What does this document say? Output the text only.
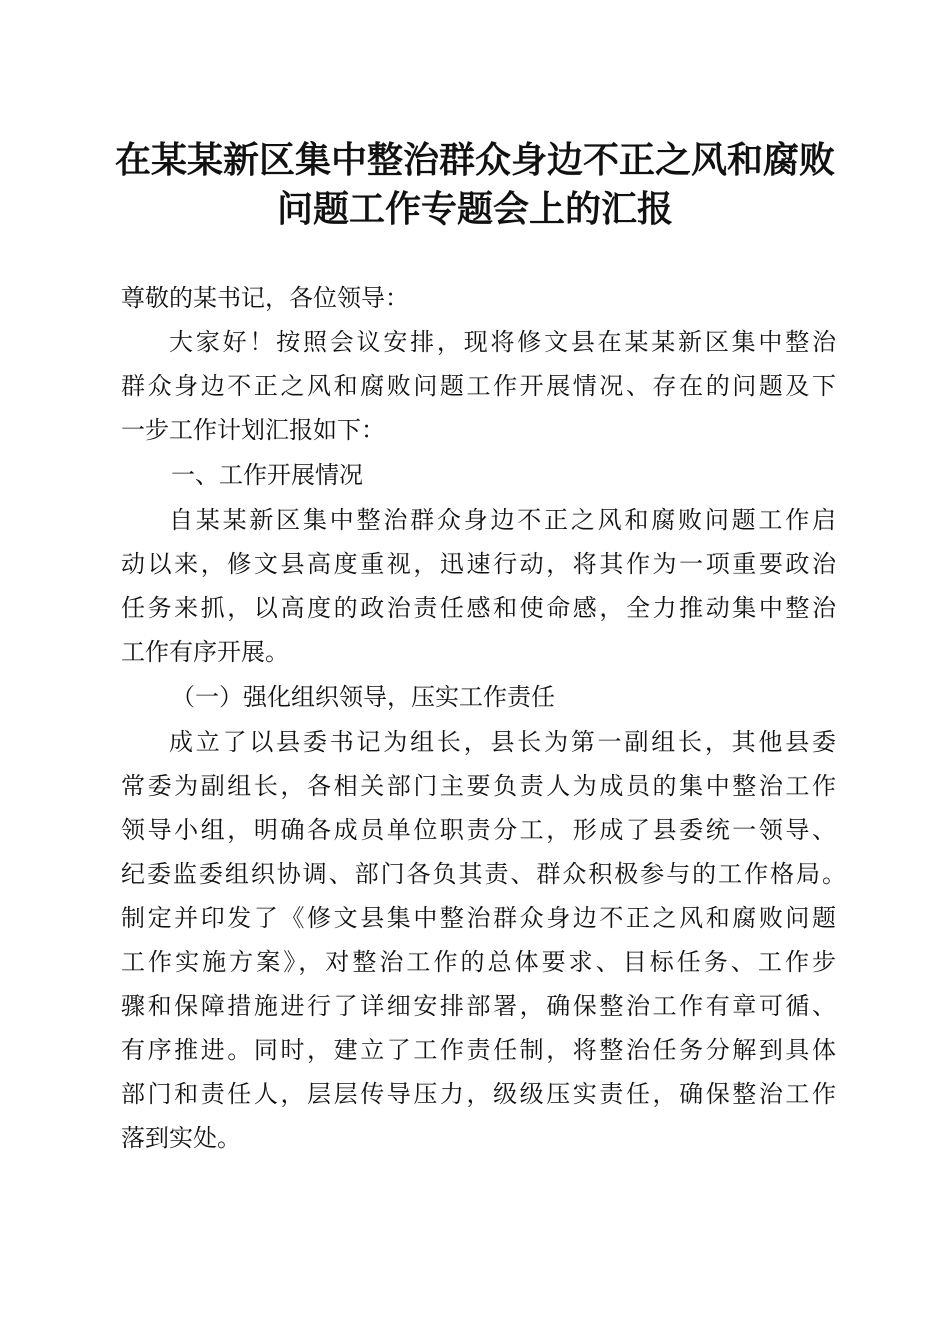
在某某新区集中整治群众身边不正之风和腐败
问题工作专题会上的汇报
尊敬的某书记，各位领导：
大家好！按照会议安排，现将修文县在某某新区集中整治
群众身边不正之风和腐败问题工作开展情况、存在的问题及下
一步工作计划汇报如下：
一、工作开展情况
自某某新区集中整治群众身边不正之风和腐败问题工作启
动以来，修文县高度重视，迅速行动，将其作为一项重要政治
任务来抓，以高度的政治责任感和使命感，全力推动集中整治
工作有序开展。
（一）强化组织领导，压实工作责任
成立了以县委书记为组长，县长为第一副组长，其他县委
常委为副组长，各相关部门主要负责人为成员的集中整治工作
领导小组，明确各成员单位职责分工，形成了县委统一领导、
纪委监委组织协调、部门各负其责、群众积极参与的工作格局。
制定并印发了《修文县集中整治群众身边不正之风和腐败问题
工作实施方案》，对整治工作的总体要求、目标任务、工作步
骤和保障措施进行了详细安排部署，确保整治工作有章可循、
有序推进。同时，建立了工作责任制，将整治任务分解到具体
部门和责任人，层层传导压力，级级压实责任，确保整治工作
落到实处。
